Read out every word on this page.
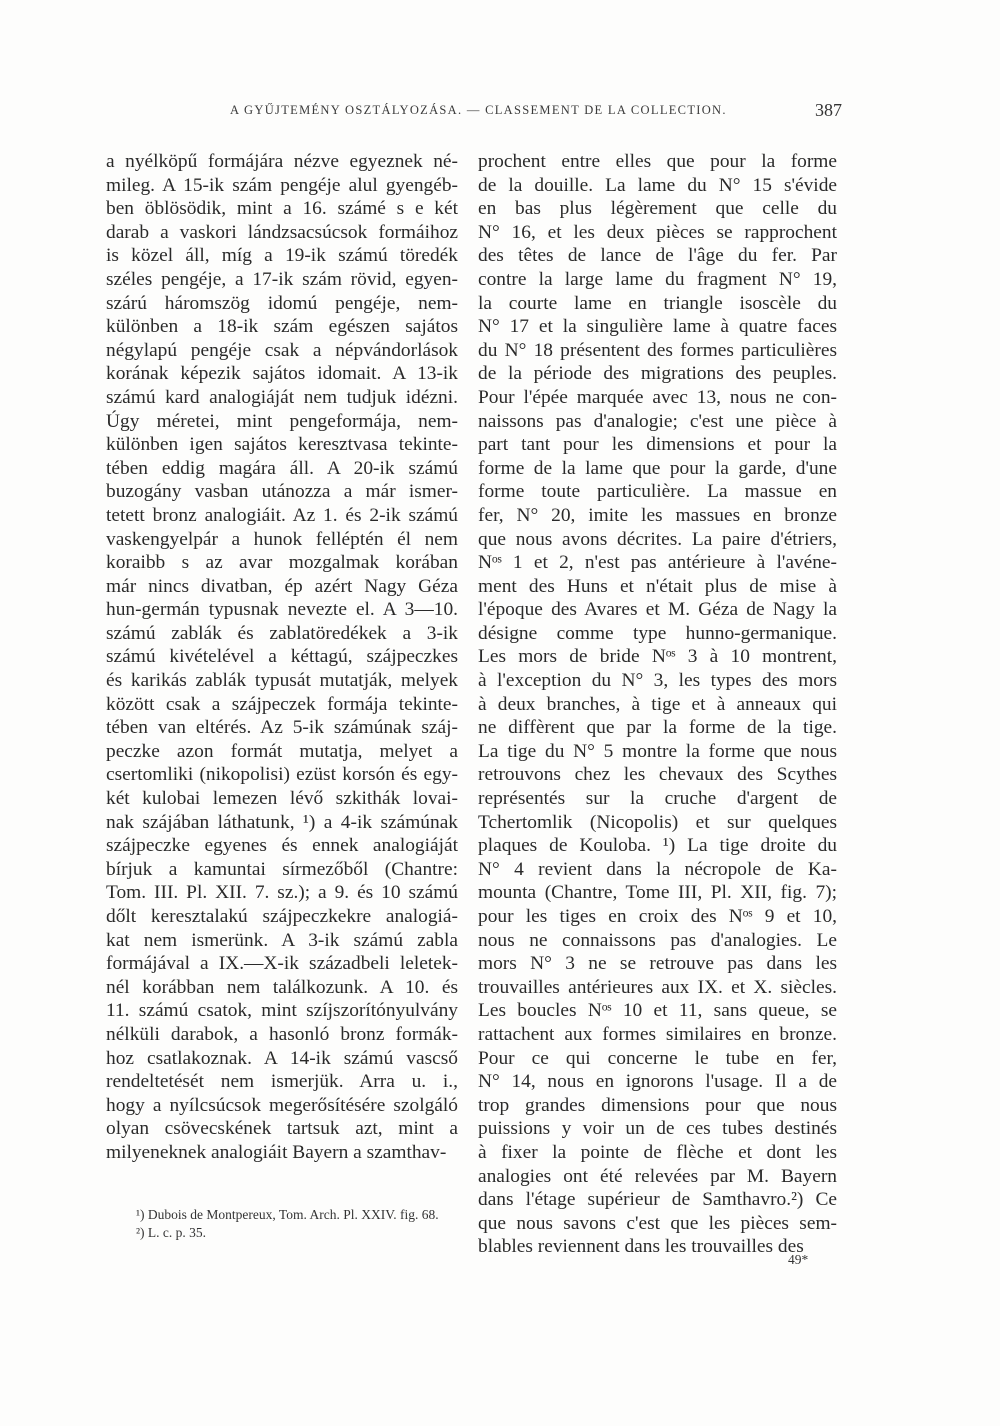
A GYŰJTEMÉNY OSZTÁLYOZÁSA. — CLASSEMENT DE LA COLLECTION.	387
a nyélköpű formájára nézve egyeznek né-
mileg. A 15-ik szám pengéje alul gyengéb-
ben öblösödik, mint a 16. számé s e két
darab a vaskori lándzsacsúcsok formáihoz
is közel áll, míg a 19-ik számú töredék
széles pengéje, a 17-ik szám rövid, egyen-
szárú háromszög idomú pengéje, nem-
különben a 18-ik szám egészen sajátos
négylapú pengéje csak a népvándorlások
korának képezik sajátos idomait. A 13-ik
számú kard analogiáját nem tudjuk idézni.
Úgy méretei, mint pengeformája, nem-
különben igen sajátos keresztvasa tekinte-
tében eddig magára áll. A 20-ik számú
buzogány vasban utánozza a már ismer-
tetett bronz analogiáit. Az 1. és 2-ik számú
vaskengyelpár a hunok felléptén él nem
koraibb s az avar mozgalmak korában
már nincs divatban, ép azért Nagy Géza
hun-germán typusnak nevezte el. A 3—10.
számú zablák és zablatöredékek a 3-ik
számú kivételével a kéttagú, szájpeczkes
és karikás zablák typusát mutatják, melyek
között csak a szájpeczek formája tekinte-
tében van eltérés. Az 5-ik számúnak száj-
peczke azon formát mutatja, melyet a
csertomliki (nikopolisi) ezüst korsón és egy-
két kulobai lemezen lévő szkithák lovai-
nak szájában láthatunk, ¹) a 4-ik számúnak
szájpeczke egyenes és ennek analogiáját
bírjuk a kamuntai sírmezőből (Chantre:
Tom. III. Pl. XII. 7. sz.); a 9. és 10 számú
dőlt keresztalakú szájpeczkekre analogiá-
kat nem ismerünk. A 3-ik számú zabla
formájával a IX.—X-ik századbeli leletek-
nél korábban nem találkozunk. A 10. és
11. számú csatok, mint szíjszorítónyulvány
nélküli darabok, a hasonló bronz formák-
hoz csatlakoznak. A 14-ik számú vascső
rendeltetését nem ismerjük. Arra u. i.,
hogy a nyílcsúcsok megerősítésére szolgáló
olyan csövecskének tartsuk azt, mint a
milyeneknek analogiáit Bayern a szamthav-
prochent entre elles que pour la forme
de la douille. La lame du N° 15 s'évide
en bas plus légèrement que celle du
N° 16, et les deux pièces se rapprochent
des têtes de lance de l'âge du fer. Par
contre la large lame du fragment N° 19,
la courte lame en triangle isoscèle du
N° 17 et la singulière lame à quatre faces
du N° 18 présentent des formes particulières
de la période des migrations des peuples.
Pour l'épée marquée avec 13, nous ne con-
naissons pas d'analogie; c'est une pièce à
part tant pour les dimensions et pour la
forme de la lame que pour la garde, d'une
forme toute particulière. La massue en
fer, N° 20, imite les massues en bronze
que nous avons décrites. La paire d'étriers,
Nᵒˢ 1 et 2, n'est pas antérieure à l'avéne-
ment des Huns et n'était plus de mise à
l'époque des Avares et M. Géza de Nagy la
désigne comme type hunno-germanique.
Les mors de bride Nᵒˢ 3 à 10 montrent,
à l'exception du N° 3, les types des mors
à deux branches, à tige et à anneaux qui
ne diffèrent que par la forme de la tige.
La tige du N° 5 montre la forme que nous
retrouvons chez les chevaux des Scythes
représentés sur la cruche d'argent de
Tchertomlik (Nicopolis) et sur quelques
plaques de Kouloba. ¹) La tige droite du
N° 4 revient dans la nécropole de Ka-
mounta (Chantre, Tome III, Pl. XII, fig. 7);
pour les tiges en croix des Nᵒˢ 9 et 10,
nous ne connaissons pas d'analogies. Le
mors N° 3 ne se retrouve pas dans les
trouvailles antérieures aux IX. et X. siècles.
Les boucles Nᵒˢ 10 et 11, sans queue, se
rattachent aux formes similaires en bronze.
Pour ce qui concerne le tube en fer,
N° 14, nous en ignorons l'usage. Il a de
trop grandes dimensions pour que nous
puissions y voir un de ces tubes destinés
à fixer la pointe de flèche et dont les
analogies ont été relevées par M. Bayern
dans l'étage supérieur de Samthavro.²) Ce
que nous savons c'est que les pièces sem-
blables reviennent dans les trouvailles des
¹) Dubois de Montpereux, Tom. Arch. Pl. XXIV. fig. 68.
²) L. c. p. 35.
49*
